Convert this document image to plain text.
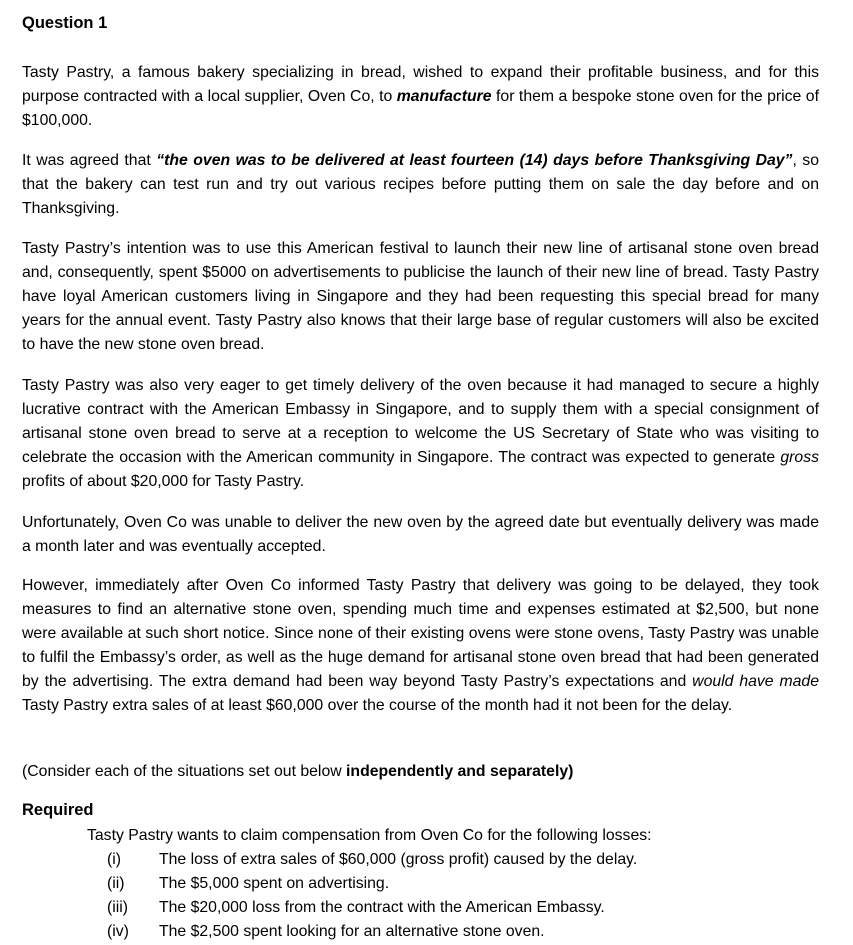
Question 1

Tasty Pastry, a famous bakery specializing in bread, wished to expand their profitable business, and for this purpose contracted with a local supplier, Oven Co, to manufacture for them a bespoke stone oven for the price of $100,000.

It was agreed that “the oven was to be delivered at least fourteen (14) days before Thanksgiving Day”, so that the bakery can test run and try out various recipes before putting them on sale the day before and on Thanksgiving.

Tasty Pastry’s intention was to use this American festival to launch their new line of artisanal stone oven bread and, consequently, spent $5000 on advertisements to publicise the launch of their new line of bread. Tasty Pastry have loyal American customers living in Singapore and they had been requesting this special bread for many years for the annual event. Tasty Pastry also knows that their large base of regular customers will also be excited to have the new stone oven bread.

Tasty Pastry was also very eager to get timely delivery of the oven because it had managed to secure a highly lucrative contract with the American Embassy in Singapore, and to supply them with a special consignment of artisanal stone oven bread to serve at a reception to welcome the US Secretary of State who was visiting to celebrate the occasion with the American community in Singapore. The contract was expected to generate gross profits of about $20,000 for Tasty Pastry.

Unfortunately, Oven Co was unable to deliver the new oven by the agreed date but eventually delivery was made a month later and was eventually accepted.

However, immediately after Oven Co informed Tasty Pastry that delivery was going to be delayed, they took measures to find an alternative stone oven, spending much time and expenses estimated at $2,500, but none were available at such short notice. Since none of their existing ovens were stone ovens, Tasty Pastry was unable to fulfil the Embassy’s order, as well as the huge demand for artisanal stone oven bread that had been generated by the advertising. The extra demand had been way beyond Tasty Pastry’s expectations and would have made Tasty Pastry extra sales of at least $60,000 over the course of the month had it not been for the delay.

(Consider each of the situations set out below independently and separately)

Required

Tasty Pastry wants to claim compensation from Oven Co for the following losses:

(i)	The loss of extra sales of $60,000 (gross profit) caused by the delay.
(ii)	The $5,000 spent on advertising.
(iii)	The $20,000 loss from the contract with the American Embassy.
(iv)	The $2,500 spent looking for an alternative stone oven.
